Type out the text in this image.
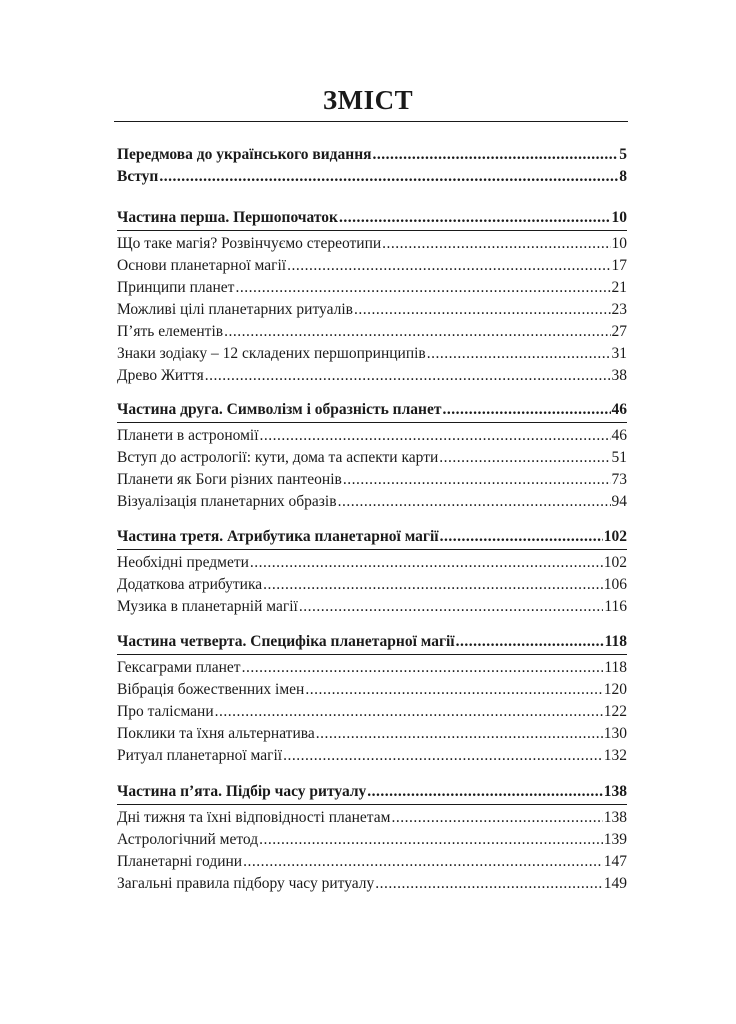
ЗМІСТ
Передмова до українського видання .....	5
Вступ .....	8
Частина перша. Першопочаток .....	10
Що таке магія? Розвінчуємо стереотипи .....	10
Основи планетарної магії .....	17
Принципи планет .....	21
Можливі цілі планетарних ритуалів .....	23
П’ять елементів .....	27
Знаки зодіаку – 12 складених першопринципів .....	31
Древо Життя .....	38
Частина друга. Символізм і образність планет .....	46
Планети в астрономії .....	46
Вступ до астрології: кути, дома та аспекти карти .....	51
Планети як Боги різних пантеонів .....	73
Візуалізація планетарних образів .....	94
Частина третя. Атрибутика планетарної магії .....	102
Необхідні предмети .....	102
Додаткова атрибутика .....	106
Музика в планетарній магії .....	116
Частина четверта. Специфіка планетарної магії .....	118
Гексаграми планет .....	118
Вібрація божественних імен .....	120
Про талісмани .....	122
Поклики та їхня альтернатива .....	130
Ритуал планетарної магії .....	132
Частина п’ята. Підбір часу ритуалу .....	138
Дні тижня та їхні відповідності планетам .....	138
Астрологічний метод .....	139
Планетарні години .....	147
Загальні правила підбору часу ритуалу .....	149
